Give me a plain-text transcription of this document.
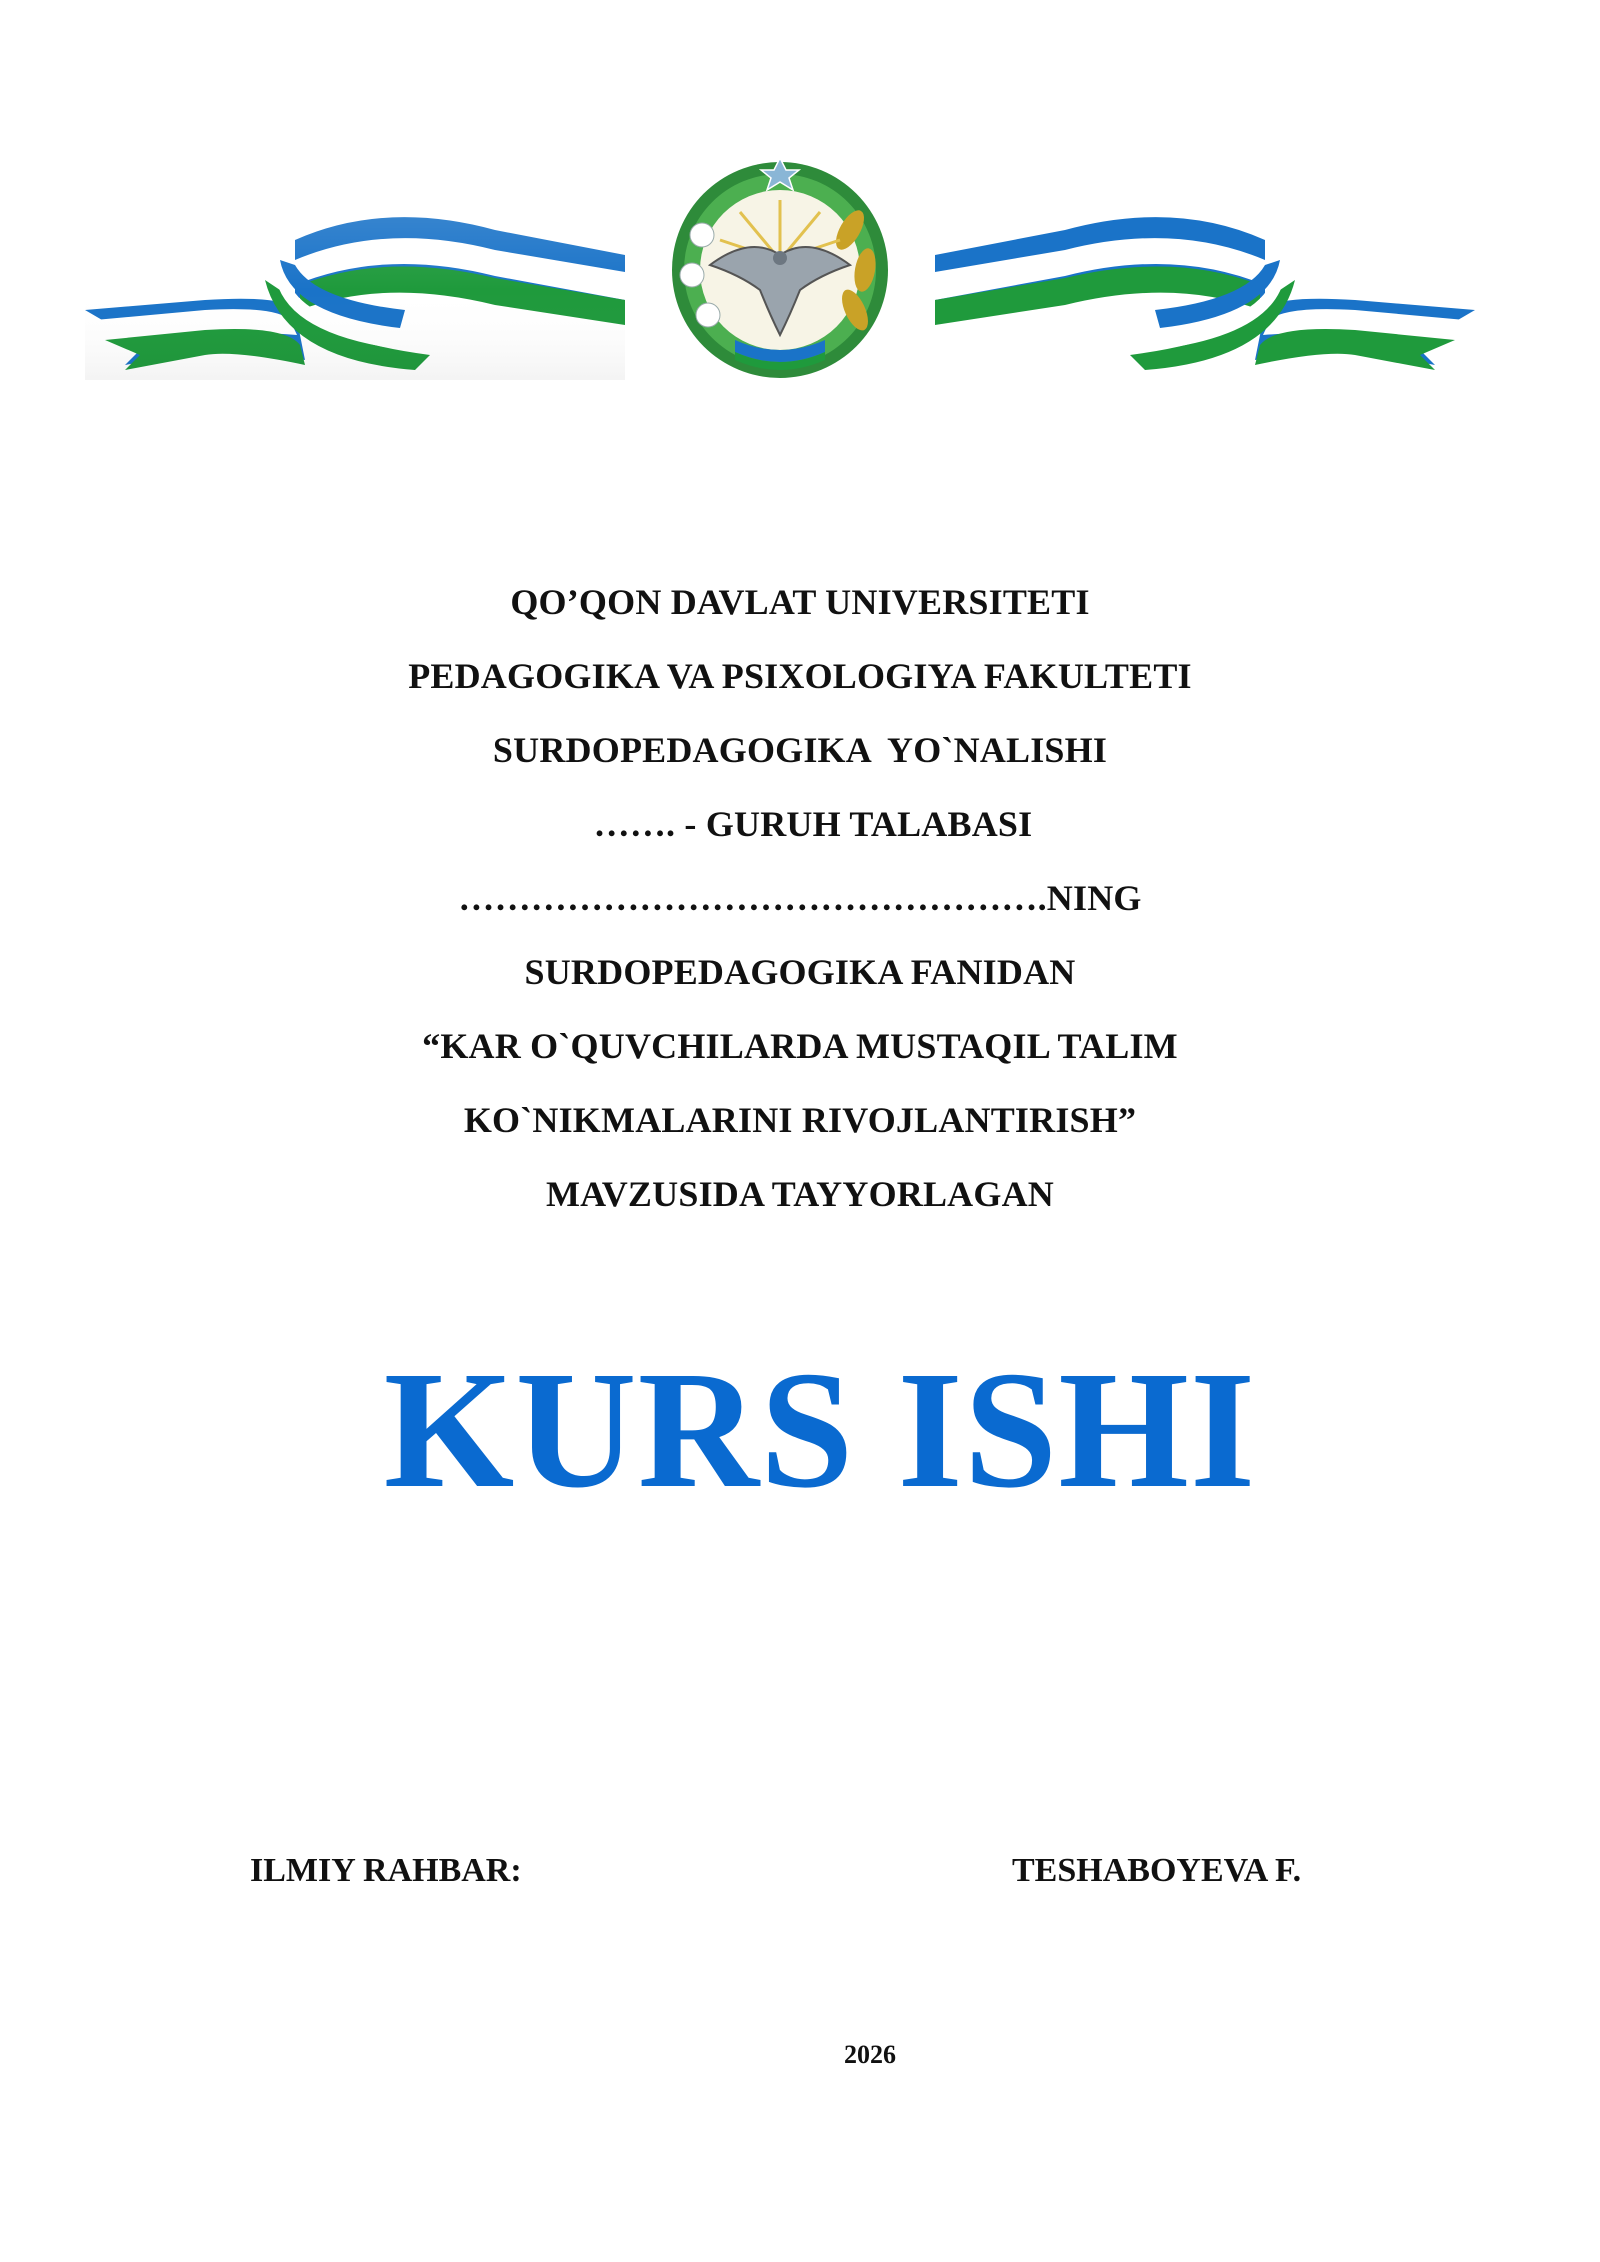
QO’QON DAVLAT UNIVERSITETI
PEDAGOGIKA VA PSIXOLOGIYA FAKULTETI
SURDOPEDAGOGIKA  YO`NALISHI
……. - GURUH TALABASI
………………………………………….NING
SURDOPEDAGOGIKA FANIDAN
“KAR O`QUVCHILARDA MUSTAQIL TALIM
KO`NIKMALARINI RIVOJLANTIRISH”
MAVZUSIDA TAYYORLAGAN
KURS ISHI
ILMIY RAHBAR:	TESHABOYEVA F.
2026
